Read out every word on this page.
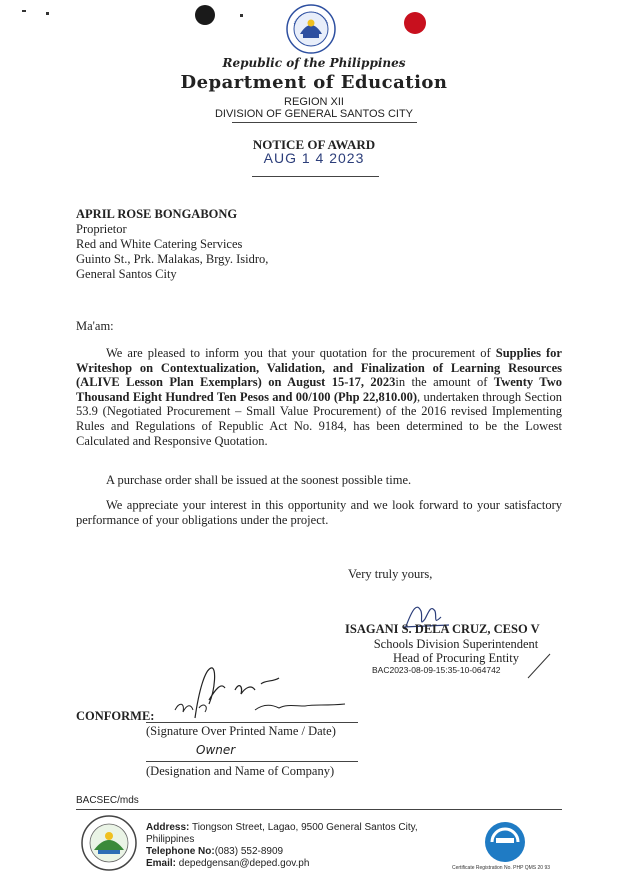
Republic of the Philippines
Department of Education
REGION XII
DIVISION OF GENERAL SANTOS CITY
NOTICE OF AWARD
AUG 1 4 2023
APRIL ROSE BONGABONG
Proprietor
Red and White Catering Services
Guinto St., Prk. Malakas, Brgy. Isidro,
General Santos City
Ma'am:
We are pleased to inform you that your quotation for the procurement of Supplies for Writeshop on Contextualization, Validation, and Finalization of Learning Resources (ALIVE Lesson Plan Exemplars) on August 15-17, 2023in the amount of Twenty Two Thousand Eight Hundred Ten Pesos and 00/100 (Php 22,810.00), undertaken through Section 53.9 (Negotiated Procurement – Small Value Procurement) of the 2016 revised Implementing Rules and Regulations of Republic Act No. 9184, has been determined to be the Lowest Calculated and Responsive Quotation.
A purchase order shall be issued at the soonest possible time.
We appreciate your interest in this opportunity and we look forward to your satisfactory performance of your obligations under the project.
Very truly yours,
ISAGANI S. DELA CRUZ, CESO V
Schools Division Superintendent
Head of Procuring Entity
BAC2023-08-09-15:35-10-064742
CONFORME:
(Signature Over Printed Name / Date)
Owner
(Designation and Name of Company)
BACSEC/mds
Address: Tiongson Street, Lagao, 9500 General Santos City,
Philippines
Telephone No:(083) 552-8909
Email: depedgensan@deped.gov.ph	Certificate Registration No. PHP QMS 20 93
